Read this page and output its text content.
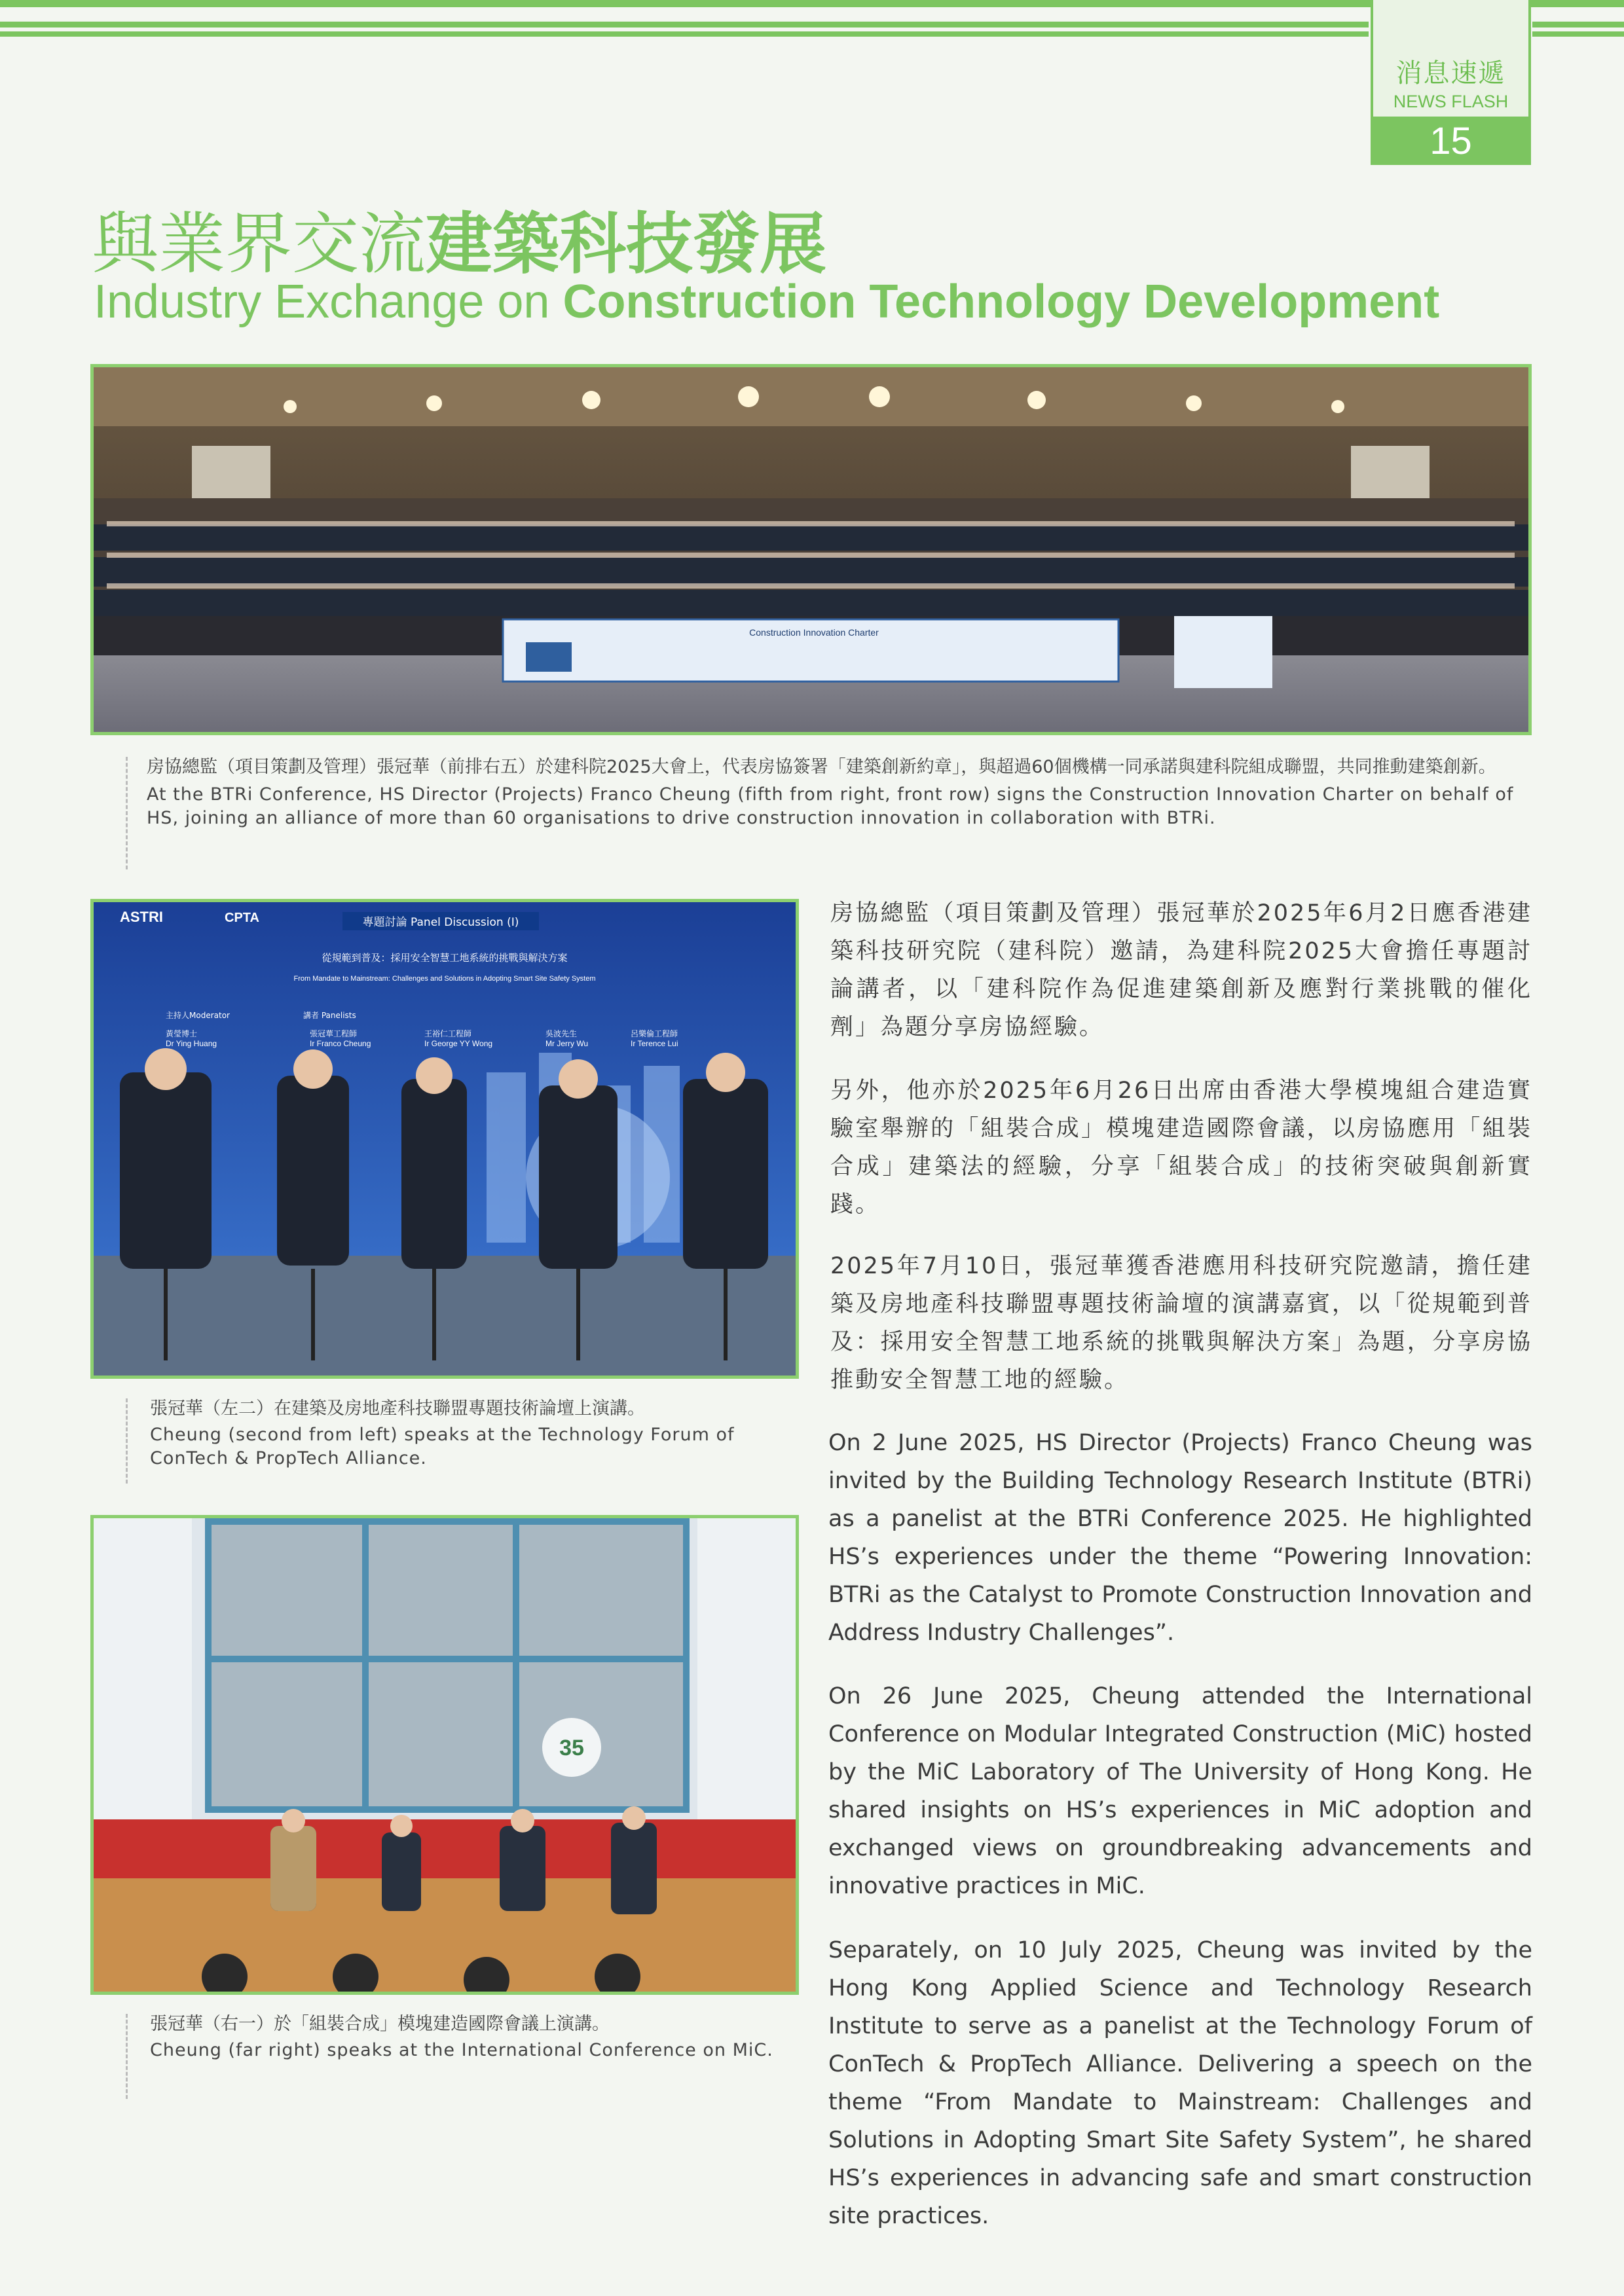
消息速遞
NEWS FLASH
15
與業界交流建築科技發展
Industry Exchange on Construction Technology Development
Construction Innovation Charter
房協總監（項目策劃及管理）張冠華（前排右五）於建科院2025大會上，代表房協簽署「建築創新約章」，與超過60個機構一同承諾與建科院組成聯盟，共同推動建築創新。
At the BTRi Conference, HS Director (Projects) Franco Cheung (fifth from right, front row) signs the Construction Innovation Charter on behalf of HS, joining an alliance of more than 60 organisations to drive construction innovation in collaboration with BTRi.
ASTRI	CPTA	專題討論 Panel Discussion (I)
從規範到普及：採用安全智慧工地系統的挑戰與解決方案
From Mandate to Mainstream: Challenges and Solutions in Adopting Smart Site Safety System
主持人Moderator	講者 Panelists
黃瑩博士
Dr Ying Huang
張冠華工程師
Ir Franco Cheung
王裕仁工程師
Ir George YY Wong
吳波先生
Mr Jerry Wu
呂樂倫工程師
Ir Terence Lui
張冠華（左二）在建築及房地產科技聯盟專題技術論壇上演講。
Cheung (second from left) speaks at the Technology Forum of ConTech & PropTech Alliance.
35
張冠華（右一）於「組裝合成」模塊建造國際會議上演講。
Cheung (far right) speaks at the International Conference on MiC.
房協總監（項目策劃及管理）張冠華於2025年6月2日應香港建築科技研究院（建科院）邀請，為建科院2025大會擔任專題討論講者，以「建科院作為促進建築創新及應對行業挑戰的催化劑」為題分享房協經驗。
另外，他亦於2025年6月26日出席由香港大學模塊組合建造實驗室舉辦的「組裝合成」模塊建造國際會議，以房協應用「組裝合成」建築法的經驗，分享「組裝合成」的技術突破與創新實踐。
2025年7月10日，張冠華獲香港應用科技研究院邀請，擔任建築及房地產科技聯盟專題技術論壇的演講嘉賓，以「從規範到普及：採用安全智慧工地系統的挑戰與解決方案」為題，分享房協推動安全智慧工地的經驗。
On 2 June 2025, HS Director (Projects) Franco Cheung was invited by the Building Technology Research Institute (BTRi) as a panelist at the BTRi Conference 2025. He highlighted HS’s experiences under the theme “Powering Innovation: BTRi as the Catalyst to Promote Construction Innovation and Address Industry Challenges”.
On 26 June 2025, Cheung attended the International Conference on Modular Integrated Construction (MiC) hosted by the MiC Laboratory of The University of Hong Kong. He shared insights on HS’s experiences in MiC adoption and exchanged views on groundbreaking advancements and innovative practices in MiC.
Separately, on 10 July 2025, Cheung was invited by the Hong Kong Applied Science and Technology Research Institute to serve as a panelist at the Technology Forum of ConTech & PropTech Alliance. Delivering a speech on the theme “From Mandate to Mainstream: Challenges and Solutions in Adopting Smart Site Safety System”, he shared HS’s experiences in advancing safe and smart construction site practices.
